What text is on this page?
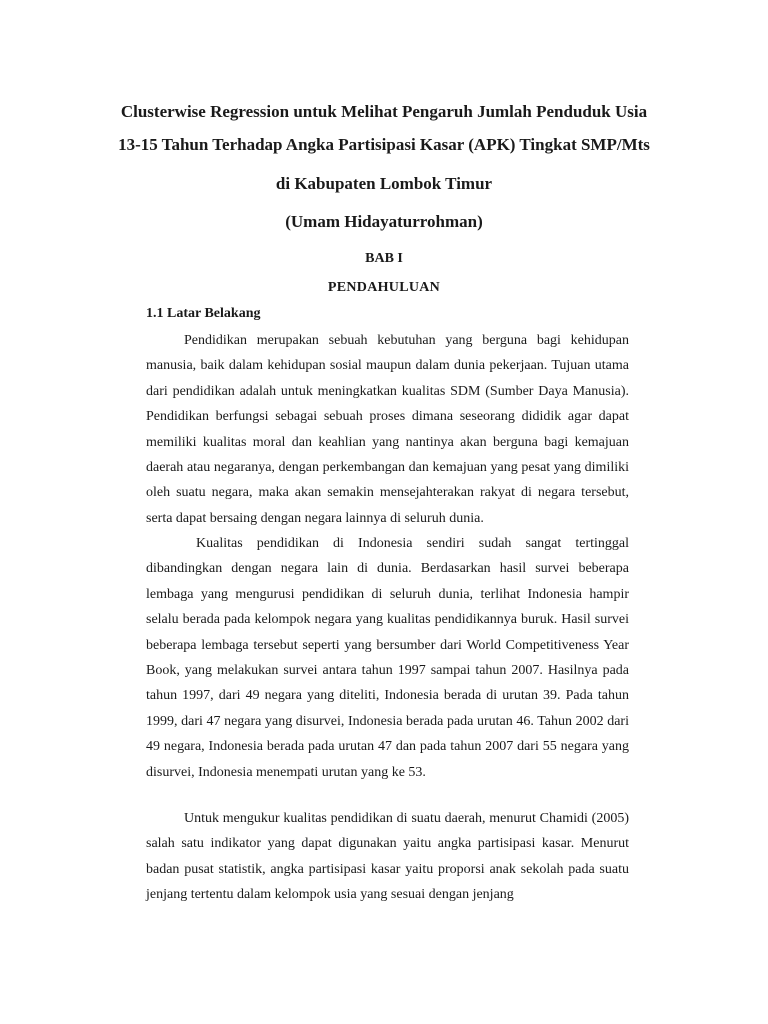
Clusterwise Regression untuk Melihat Pengaruh Jumlah Penduduk Usia

13-15 Tahun Terhadap Angka Partisipasi Kasar (APK) Tingkat SMP/Mts

di Kabupaten Lombok Timur

(Umam Hidayaturrohman)

BAB I

PENDAHULUAN

1.1 Latar Belakang

Pendidikan merupakan sebuah kebutuhan yang berguna bagi kehidupan manusia, baik dalam kehidupan sosial maupun dalam dunia pekerjaan. Tujuan utama dari pendidikan adalah untuk meningkatkan kualitas SDM (Sumber Daya Manusia). Pendidikan berfungsi sebagai sebuah proses dimana seseorang dididik agar dapat memiliki kualitas moral dan keahlian yang nantinya akan berguna bagi kemajuan daerah atau negaranya, dengan perkembangan dan kemajuan yang pesat yang dimiliki oleh suatu negara, maka akan semakin mensejahterakan rakyat di negara tersebut, serta dapat bersaing dengan negara lainnya di seluruh dunia.

Kualitas pendidikan di Indonesia sendiri sudah sangat tertinggal dibandingkan dengan negara lain di dunia. Berdasarkan hasil survei beberapa lembaga yang mengurusi pendidikan di seluruh dunia, terlihat Indonesia hampir selalu berada pada kelompok negara yang kualitas pendidikannya buruk. Hasil survei beberapa lembaga tersebut seperti yang bersumber dari World Competitiveness Year Book, yang melakukan survei antara tahun 1997 sampai tahun 2007. Hasilnya pada tahun 1997, dari 49 negara yang diteliti, Indonesia berada di urutan 39. Pada tahun 1999, dari 47 negara yang disurvei, Indonesia berada pada urutan 46. Tahun 2002 dari 49 negara, Indonesia berada pada urutan 47 dan pada tahun 2007 dari 55 negara yang disurvei, Indonesia menempati urutan yang ke 53.

Untuk mengukur kualitas pendidikan di suatu daerah, menurut Chamidi (2005) salah satu indikator yang dapat digunakan yaitu angka partisipasi kasar. Menurut badan pusat statistik, angka partisipasi kasar yaitu proporsi anak sekolah pada suatu jenjang tertentu dalam kelompok usia yang sesuai dengan jenjang
